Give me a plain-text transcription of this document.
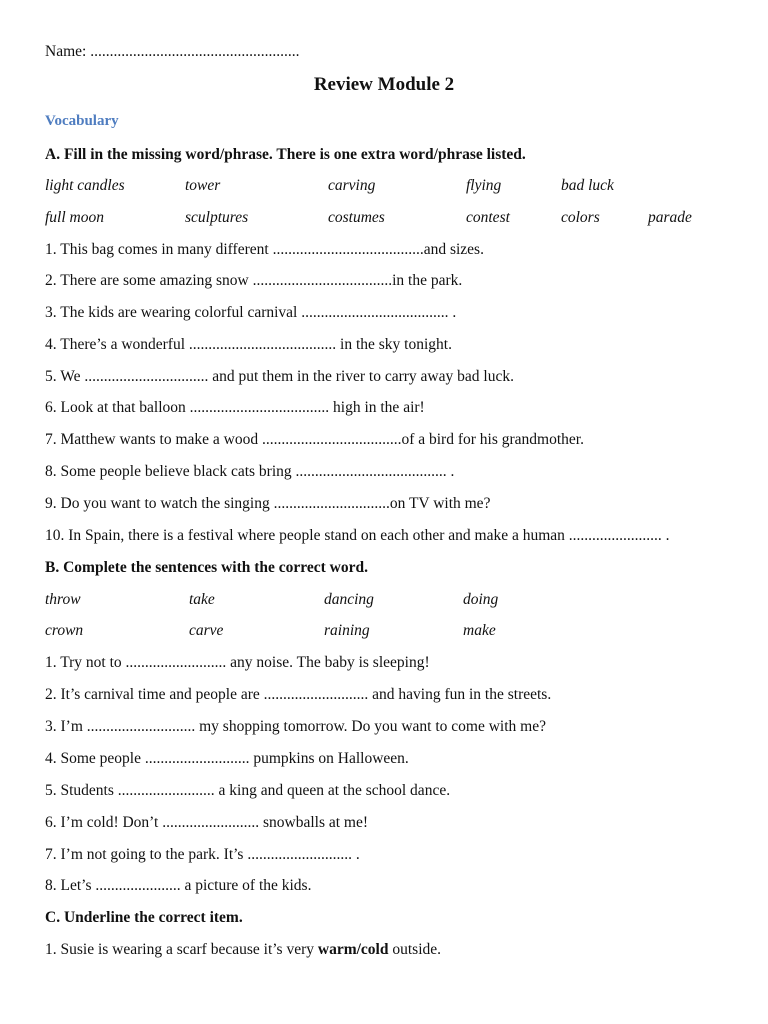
Name: ......................................................
Review Module 2
Vocabulary
A. Fill in the missing word/phrase. There is one extra word/phrase listed.
light candles	tower	carving	flying	bad luck
full moon	sculptures	costumes	contest	colors	parade
1. This bag comes in many different .......................................and sizes.
2. There are some amazing snow ....................................in the park.
3. The kids are wearing colorful carnival ...................................... .
4. There’s a wonderful ...................................... in the sky tonight.
5. We ................................ and put them in the river to carry away bad luck.
6. Look at that balloon .................................... high in the air!
7. Matthew wants to make a wood ....................................of a bird for his grandmother.
8. Some people believe black cats bring ....................................... .
9. Do you want to watch the singing ..............................on TV with me?
10. In Spain, there is a festival where people stand on each other and make a human ........................ .
B. Complete the sentences with the correct word.
throw	take	dancing	doing
crown	carve	raining	make
1. Try not to .......................... any noise. The baby is sleeping!
2. It’s carnival time and people are ........................... and having fun in the streets.
3. I’m ............................ my shopping tomorrow. Do you want to come with me?
4. Some people ........................... pumpkins on Halloween.
5. Students ......................... a king and queen at the school dance.
6. I’m cold! Don’t ......................... snowballs at me!
7. I’m not going to the park. It’s ........................... .
8. Let’s ...................... a picture of the kids.
C. Underline the correct item.
1. Susie is wearing a scarf because it’s very warm/cold outside.
